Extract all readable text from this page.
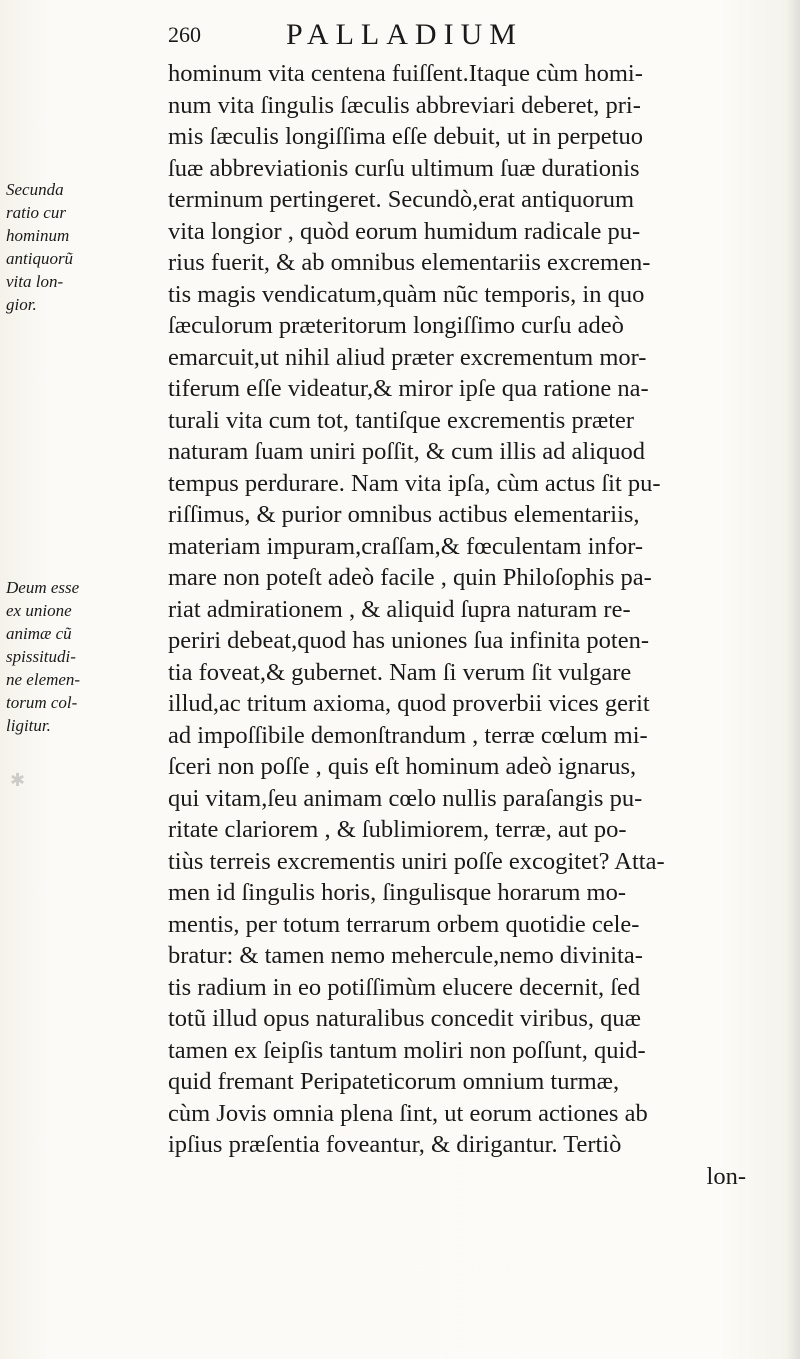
260	PALLADIUM
Secunda
ratio cur
hominum
antiquorũ
vita lon-
gior.
Deum esse
ex unione
animæ cũ
spissitudi-
ne elemen-
torum col-
ligitur.
✱
hominum vita centena fuiſſent.Itaque cùm homi-
num vita ſingulis ſæculis abbreviari deberet, pri-
mis ſæculis longiſſima eſſe debuit, ut in perpetuo
ſuæ abbreviationis curſu ultimum ſuæ durationis
terminum pertingeret. Secundò,erat antiquorum
vita longior , quòd eorum humidum radicale pu-
rius fuerit, & ab omnibus elementariis excremen-
tis magis vendicatum,quàm nũc temporis, in quo
ſæculorum præteritorum longiſſimo curſu adeò
emarcuit,ut nihil aliud præter excrementum mor-
tiferum eſſe videatur,& miror ipſe qua ratione na-
turali vita cum tot, tantiſque excrementis præter
naturam ſuam uniri poſſit, & cum illis ad aliquod
tempus perdurare. Nam vita ipſa, cùm actus ſit pu-
riſſimus, & purior omnibus actibus elementariis,
materiam impuram,craſſam,& fœculentam infor-
mare non poteſt adeò facile , quin Philoſophis pa-
riat admirationem , & aliquid ſupra naturam re-
periri debeat,quod has uniones ſua infinita poten-
tia foveat,& gubernet. Nam ſi verum ſit vulgare
illud,ac tritum axioma, quod proverbii vices gerit
ad impoſſibile demonſtrandum , terræ cœlum mi-
ſceri non poſſe , quis eſt hominum adeò ignarus,
qui vitam,ſeu animam cœlo nullis paraſangis pu-
ritate clariorem , & ſublimiorem, terræ, aut po-
tiùs terreis excrementis uniri poſſe excogitet? Atta-
men id ſingulis horis, ſingulisque horarum mo-
mentis, per totum terrarum orbem quotidie cele-
bratur: & tamen nemo mehercule,nemo divinita-
tis radium in eo potiſſimùm elucere decernit, ſed
totũ illud opus naturalibus concedit viribus, quæ
tamen ex ſeipſis tantum moliri non poſſunt, quid-
quid fremant Peripateticorum omnium turmæ,
cùm Jovis omnia plena ſint, ut eorum actiones ab
ipſius præſentia foveantur, & dirigantur. Tertiò
lon-
